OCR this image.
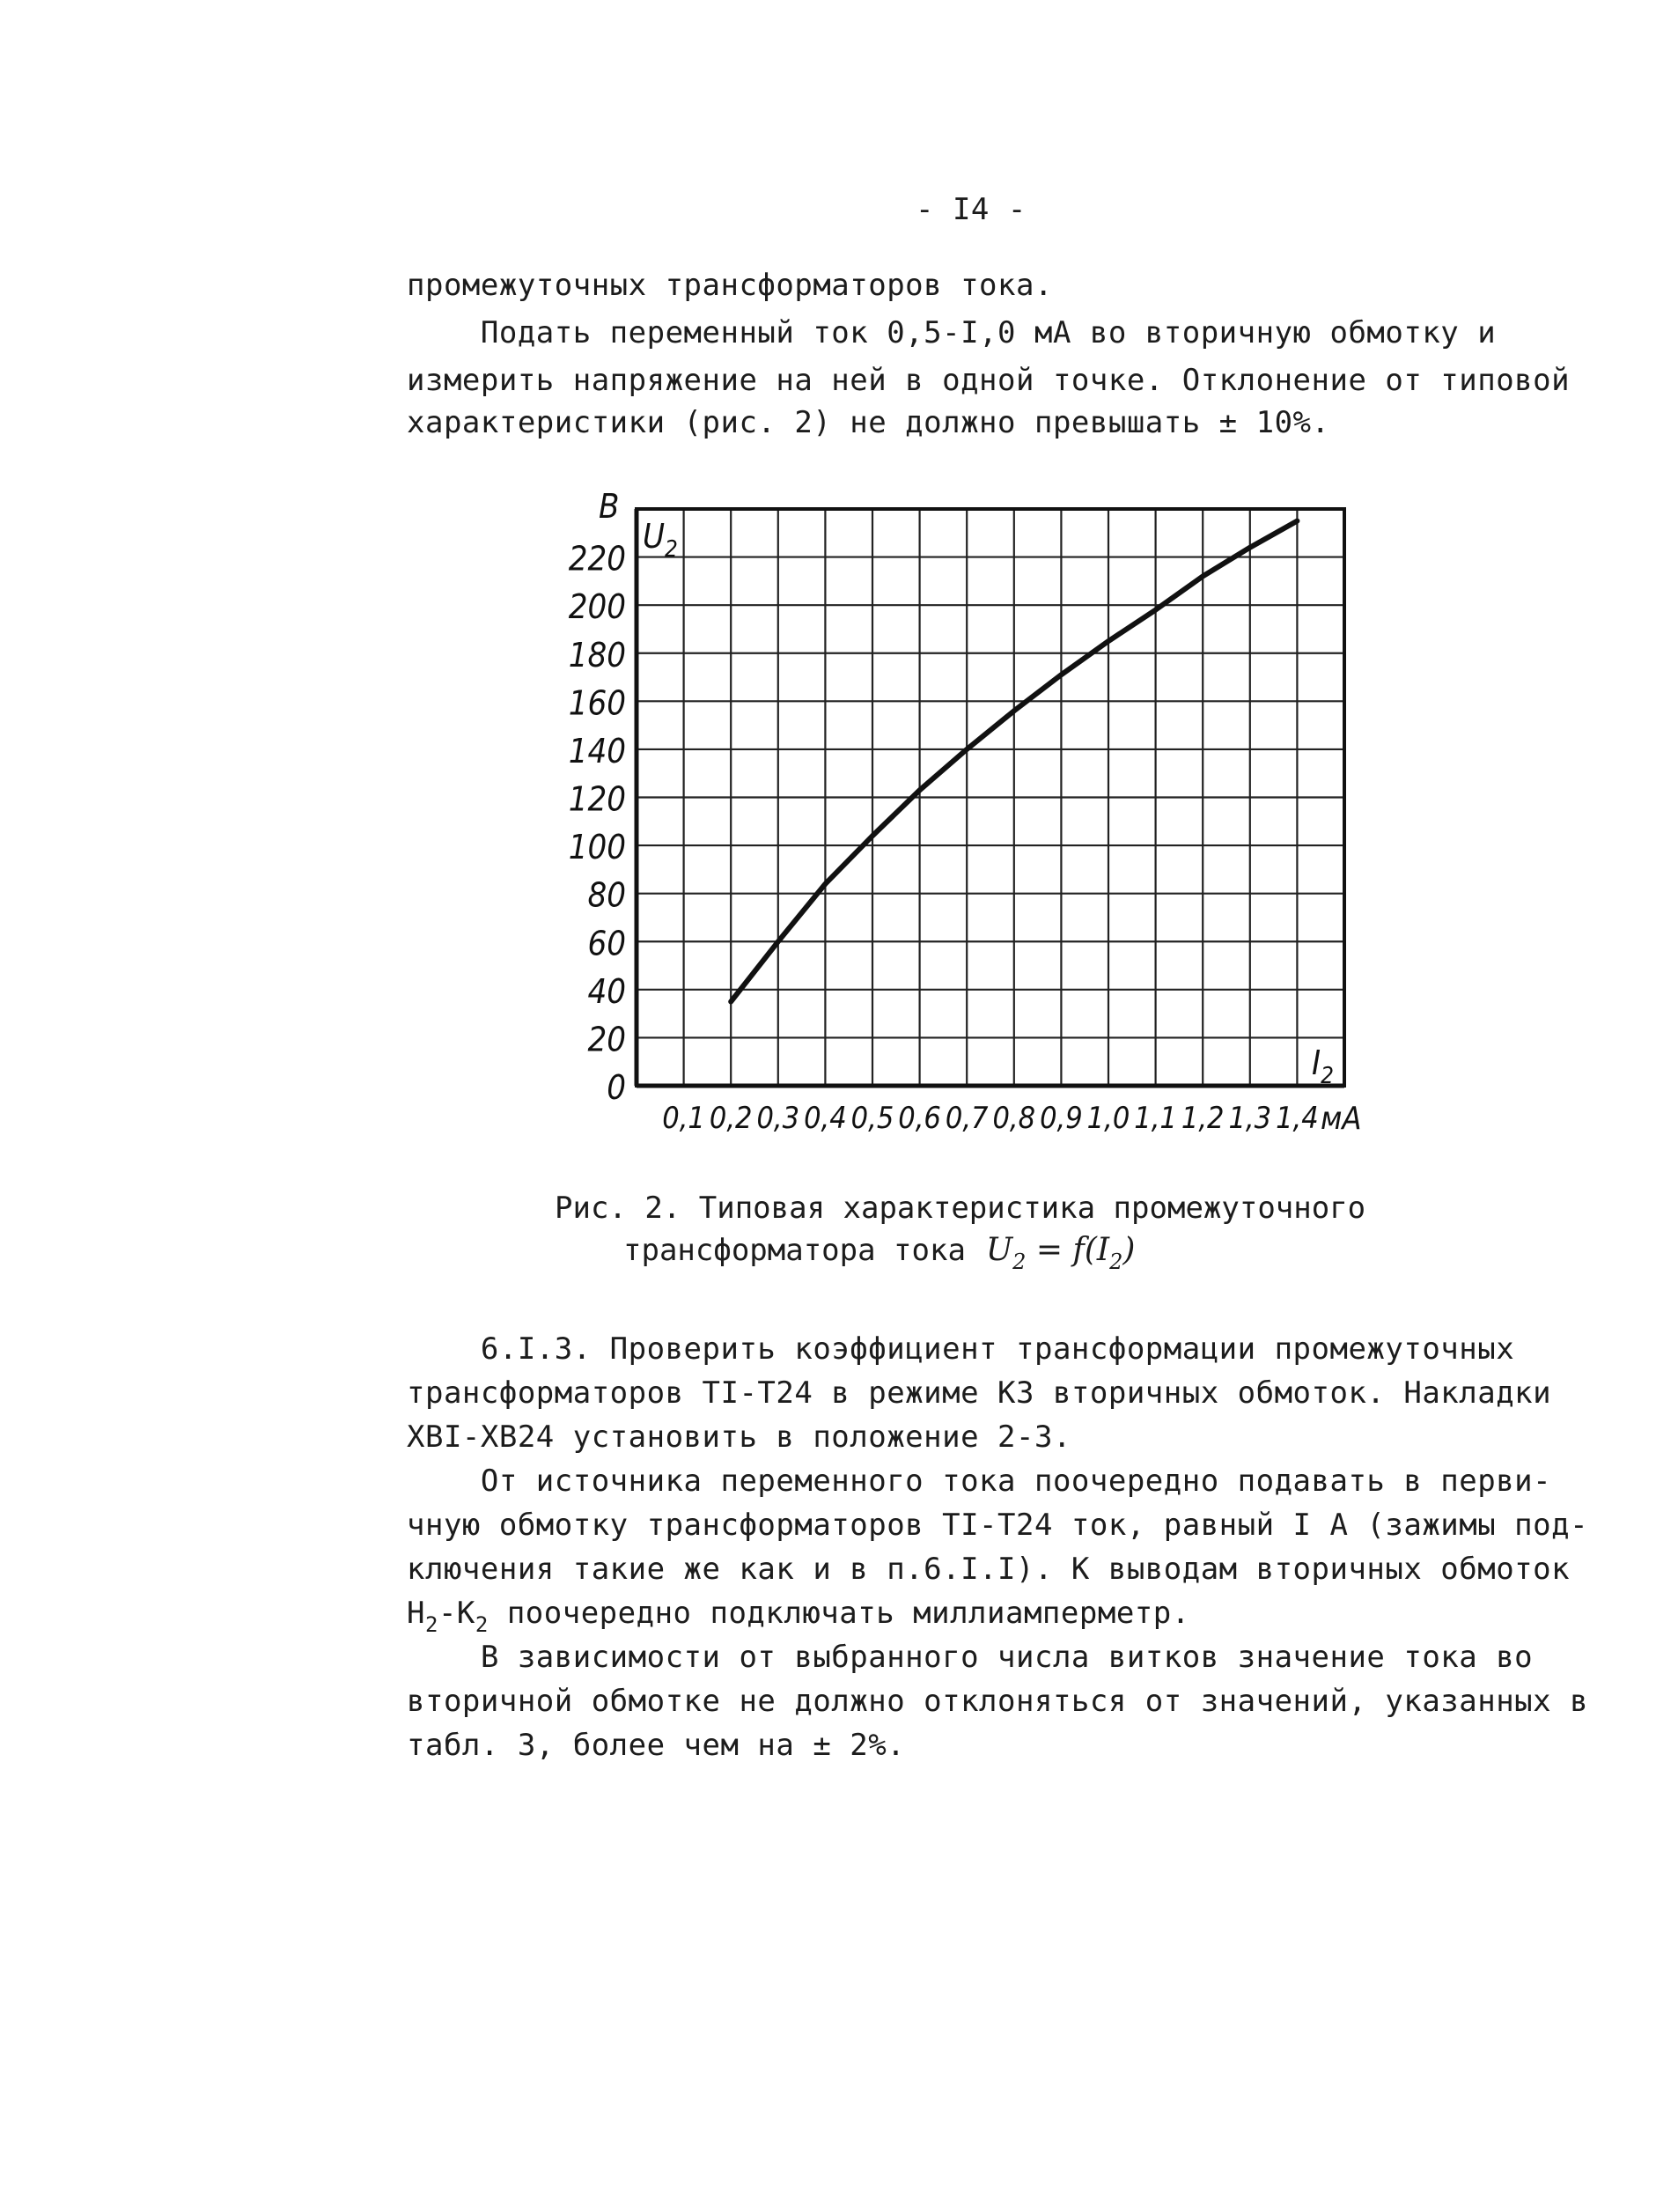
- I4 -

промежуточных трансформаторов тока.

Подать переменный ток 0,5-I,0 мА во вторичную обмотку и

измерить напряжение на ней в одной точке. Отклонение от типовой

характеристики (рис. 2) не должно превышать ± 10%.

0
20
40
60
80
100
120
140
160
180
200
220
0,1 0,2 0,3 0,4 0,5 0,6 0,7 0,8 0,9 1,0 1,1 1,2 1,3 1,4
В
$U_2$
$I_2$
мА

Рис. 2. Типовая характеристика промежуточного

трансформатора тока $U_2 = f(I_2)$

6.I.3. Проверить коэффициент трансформации промежуточных

трансформаторов TI-T24 в режиме КЗ вторичных обмоток. Накладки

XBI-XB24 установить в положение 2-3.

От источника переменного тока поочередно подавать в перви-

чную обмотку трансформаторов TI-T24 ток, равный I А (зажимы под-

ключения такие же как и в п.6.I.I). К выводам вторичных обмоток

$Н_2-К_2$ поочередно подключать миллиамперметр.

В зависимости от выбранного числа витков значение тока во

вторичной обмотке не должно отклоняться от значений, указанных в

табл. 3, более чем на ± 2%.
